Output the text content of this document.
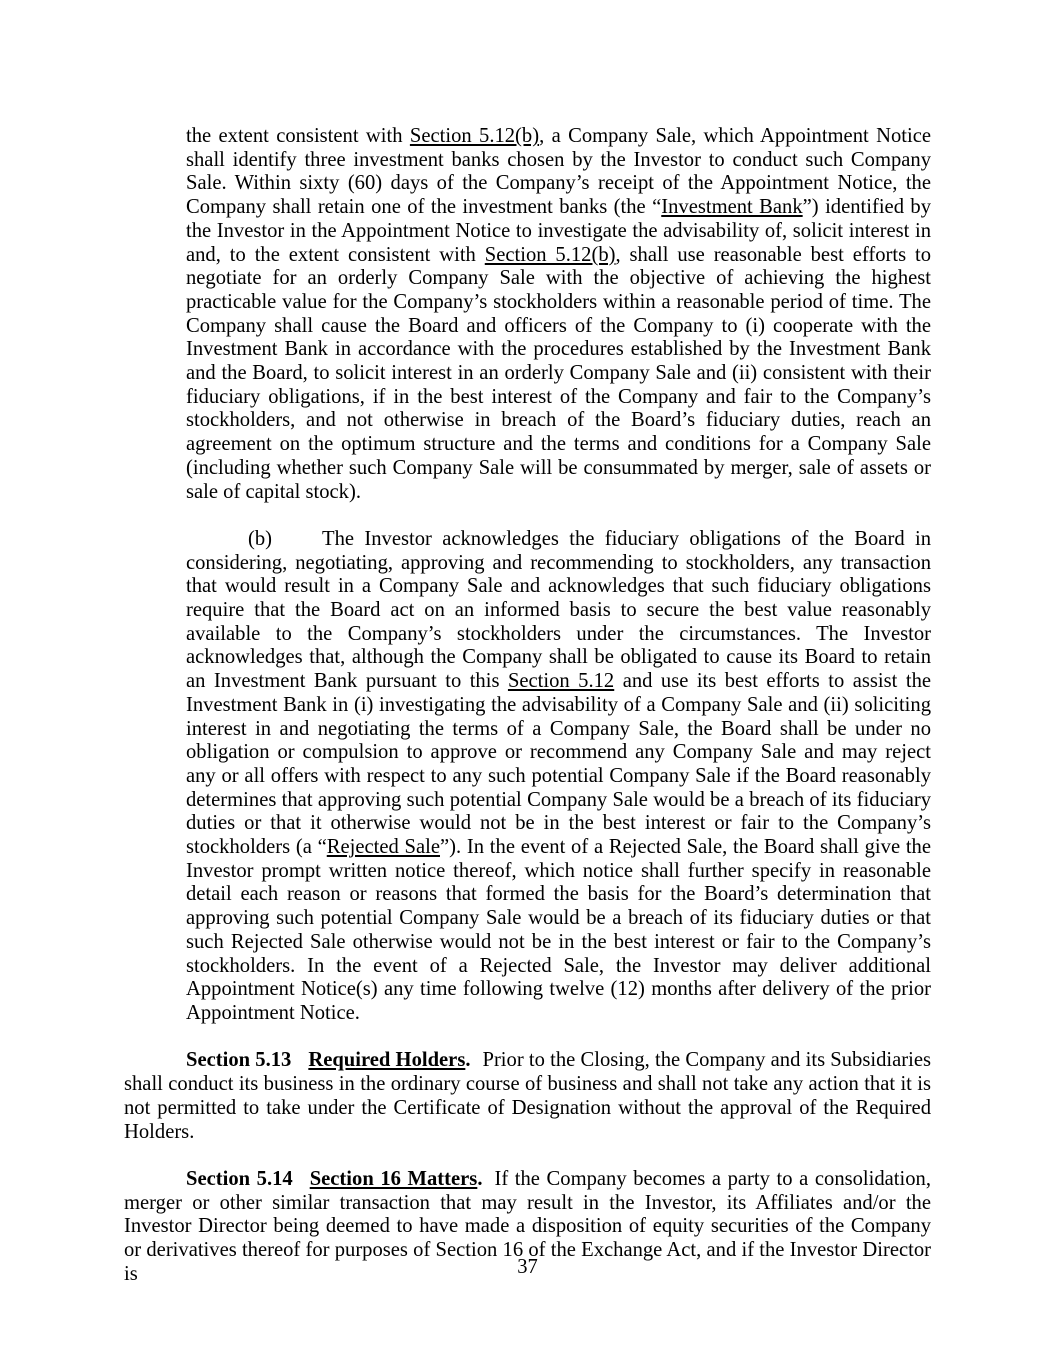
the extent consistent with Section 5.12(b), a Company Sale, which Appointment Notice shall identify three investment banks chosen by the Investor to conduct such Company Sale. Within sixty (60) days of the Company’s receipt of the Appointment Notice, the Company shall retain one of the investment banks (the “Investment Bank”) identified by the Investor in the Appointment Notice to investigate the advisability of, solicit interest in and, to the extent consistent with Section 5.12(b), shall use reasonable best efforts to negotiate for an orderly Company Sale with the objective of achieving the highest practicable value for the Company’s stockholders within a reasonable period of time. The Company shall cause the Board and officers of the Company to (i) cooperate with the Investment Bank in accordance with the procedures established by the Investment Bank and the Board, to solicit interest in an orderly Company Sale and (ii) consistent with their fiduciary obligations, if in the best interest of the Company and fair to the Company’s stockholders, and not otherwise in breach of the Board’s fiduciary duties, reach an agreement on the optimum structure and the terms and conditions for a Company Sale (including whether such Company Sale will be consummated by merger, sale of assets or sale of capital stock).

(b) The Investor acknowledges the fiduciary obligations of the Board in considering, negotiating, approving and recommending to stockholders, any transaction that would result in a Company Sale and acknowledges that such fiduciary obligations require that the Board act on an informed basis to secure the best value reasonably available to the Company’s stockholders under the circumstances. The Investor acknowledges that, although the Company shall be obligated to cause its Board to retain an Investment Bank pursuant to this Section 5.12 and use its best efforts to assist the Investment Bank in (i) investigating the advisability of a Company Sale and (ii) soliciting interest in and negotiating the terms of a Company Sale, the Board shall be under no obligation or compulsion to approve or recommend any Company Sale and may reject any or all offers with respect to any such potential Company Sale if the Board reasonably determines that approving such potential Company Sale would be a breach of its fiduciary duties or that it otherwise would not be in the best interest or fair to the Company’s stockholders (a “Rejected Sale”). In the event of a Rejected Sale, the Board shall give the Investor prompt written notice thereof, which notice shall further specify in reasonable detail each reason or reasons that formed the basis for the Board’s determination that approving such potential Company Sale would be a breach of its fiduciary duties or that such Rejected Sale otherwise would not be in the best interest or fair to the Company’s stockholders. In the event of a Rejected Sale, the Investor may deliver additional Appointment Notice(s) any time following twelve (12) months after delivery of the prior Appointment Notice.

Section 5.13 Required Holders. Prior to the Closing, the Company and its Subsidiaries shall conduct its business in the ordinary course of business and shall not take any action that it is not permitted to take under the Certificate of Designation without the approval of the Required Holders.

Section 5.14 Section 16 Matters. If the Company becomes a party to a consolidation, merger or other similar transaction that may result in the Investor, its Affiliates and/or the Investor Director being deemed to have made a disposition of equity securities of the Company or derivatives thereof for purposes of Section 16 of the Exchange Act, and if the Investor Director is	37
